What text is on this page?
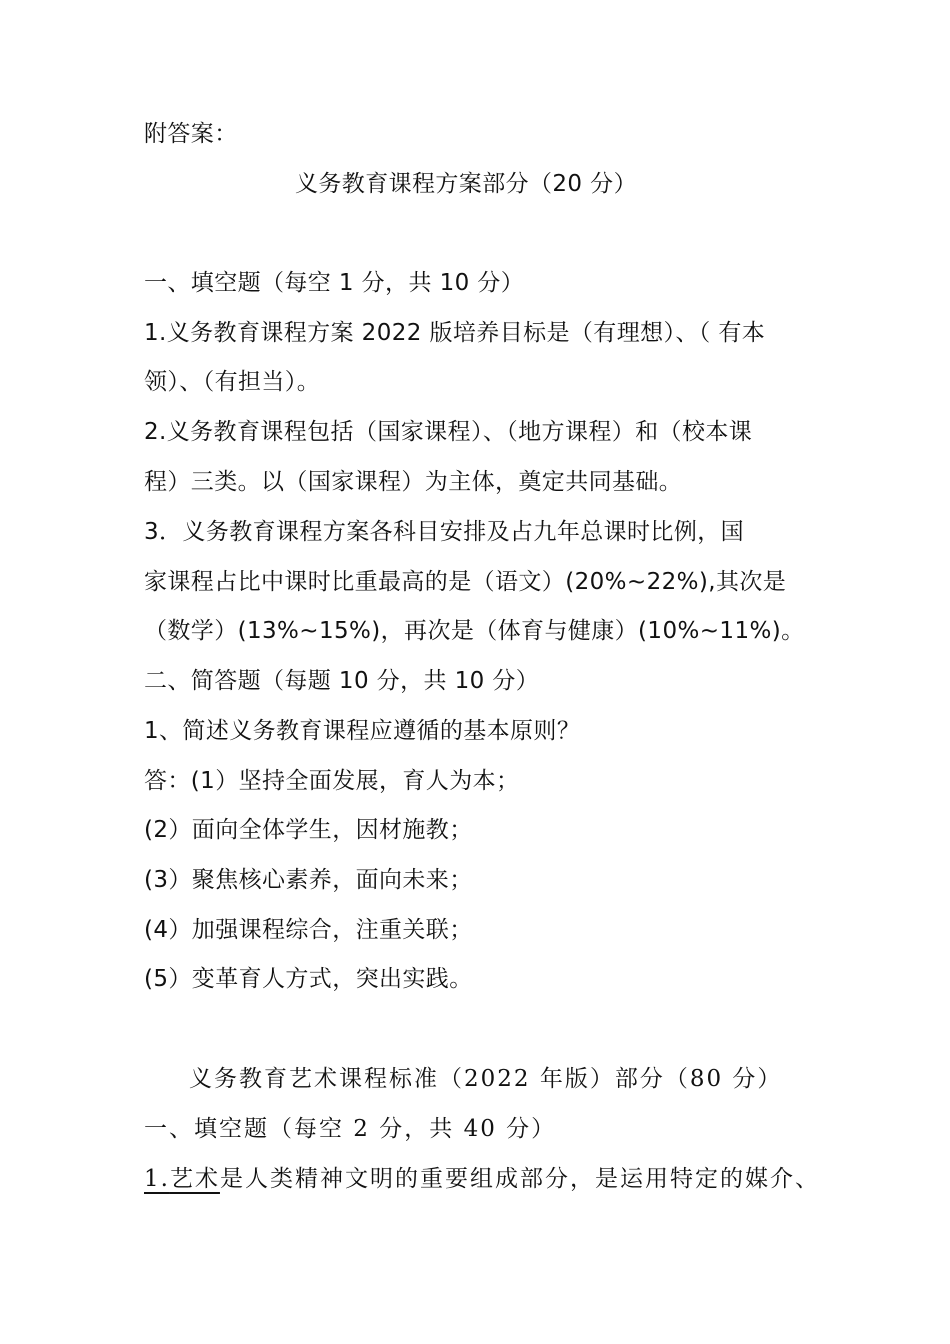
附答案：
义务教育课程方案部分（20 分）
一、填空题（每空 1 分，共 10 分）
1.义务教育课程方案 2022 版培养目标是（有理想）、（ 有本
领）、（有担当）。
2.义务教育课程包括（国家课程）、（地方课程）和（校本课
程）三类。以（国家课程）为主体，奠定共同基础。
3．义务教育课程方案各科目安排及占九年总课时比例，国
家课程占比中课时比重最高的是（语文）(20%~22%),其次是
（数学）(13%~15%)，再次是（体育与健康）(10%~11%)。
二、简答题（每题 10 分，共 10 分）
1、简述义务教育课程应遵循的基本原则？
答：(1）坚持全面发展，育人为本；
(2）面向全体学生，因材施教；
(3）聚焦核心素养，面向未来；
(4）加强课程综合，注重关联；
(5）变革育人方式，突出实践。
义务教育艺术课程标准（2022 年版）部分（80 分）
一、填空题（每空 2 分，共 40 分）
1.艺术是人类精神文明的重要组成部分，是运用特定的媒介、
